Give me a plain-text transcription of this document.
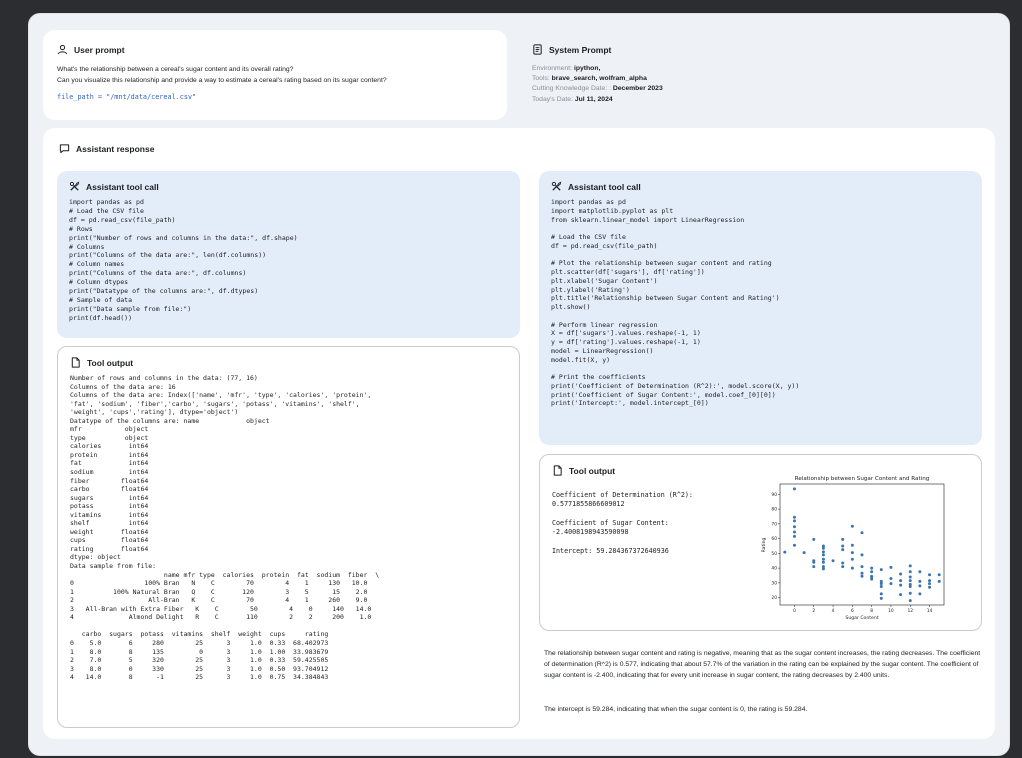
User prompt
What's the relationship between a cereal's sugar content and its overall rating?
Can you visualize this relationship and provide a way to estimate a cereal's rating based on its sugar content?
file_path = "/mnt/data/cereal.csv"
System Prompt
Environment: ipython,
Tools: brave_search, wolfram_alpha
Cutting Knowledge Date: : December 2023
Today's Date: Jul 11, 2024
Assistant response
Assistant tool call
import pandas as pd
# Load the CSV file
df = pd.read_csv(file_path)
# Rows
print("Number of rows and columns in the data:", df.shape)
# Columns
print("Columns of the data are:", len(df.columns))
# Column names
print("Columns of the data are:", df.columns)
# Column dtypes
print("Datatype of the columns are:", df.dtypes)
# Sample of data
print("Data sample from file:")
print(df.head())
Tool output
Number of rows and columns in the data: (77, 16)
Columns of the data are: 16
Columns of the data are: Index(['name', 'mfr', 'type', 'calories', 'protein',
'fat', 'sodium', 'fiber','carbo', 'sugars', 'potass', 'vitamins', 'shelf',
'weight', 'cups','rating'], dtype='object')
Datatype of the columns are: name            object
mfr           object
type          object
calories       int64
protein        int64
fat            int64
sodium         int64
fiber        float64
carbo        float64
sugars         int64
potass         int64
vitamins       int64
shelf          int64
weight       float64
cups         float64
rating       float64
dtype: object
Data sample from file:
name mfr type  calories  protein  fat  sodium  fiber  \
0                  100% Bran   N    C        70        4    1     130   10.0
1          100% Natural Bran   Q    C       120        3    5      15    2.0
2                   All-Bran   K    C        70        4    1     260    9.0
3   All-Bran with Extra Fiber   K    C        50        4    0     140   14.0
4              Almond Delight   R    C       110        2    2     200    1.0

carbo  sugars  potass  vitamins  shelf  weight  cups     rating
0    5.0       6     280        25      3     1.0  0.33  68.402973
1    8.0       8     135         0      3     1.0  1.00  33.983679
2    7.0       5     320        25      3     1.0  0.33  59.425505
3    8.0       0     330        25      3     1.0  0.50  93.704912
4   14.0       8      -1        25      3     1.0  0.75  34.384843
Assistant tool call
import pandas as pd
import matplotlib.pyplot as plt
from sklearn.linear_model import LinearRegression

# Load the CSV file
df = pd.read_csv(file_path)

# Plot the relationship between sugar content and rating
plt.scatter(df['sugars'], df['rating'])
plt.xlabel('Sugar Content')
plt.ylabel('Rating')
plt.title('Relationship between Sugar Content and Rating')
plt.show()

# Perform linear regression
X = df['sugars'].values.reshape(-1, 1)
y = df['rating'].values.reshape(-1, 1)
model = LinearRegression()
model.fit(X, y)

# Print the coefficients
print('Coefficient of Determination (R^2):', model.score(X, y))
print('Coefficient of Sugar Content:', model.coef_[0][0])
print('Intercept:', model.intercept_[0])
Tool output
Coefficient of Determination (R^2):
0.5771855866609012

Coefficient of Sugar Content:
-2.4008198943590098

Intercept: 59.284367372640936
Relationship between Sugar Content and Rating
0	2	4	6	8	10	12	14
20
30
40
50
60
70
80
90
Sugar Content
Rating
The relationship between sugar content and rating is negative, meaning that as the sugar content increases, the rating decreases. The coefficient of determination (R^2) is 0.577, indicating that about 57.7% of the variation in the rating can be explained by the sugar content. The coefficient of sugar content is -2.400, indicating that for every unit increase in sugar content, the rating decreases by 2.400 units.
The intercept is 59.284, indicating that when the sugar content is 0, the rating is 59.284.
